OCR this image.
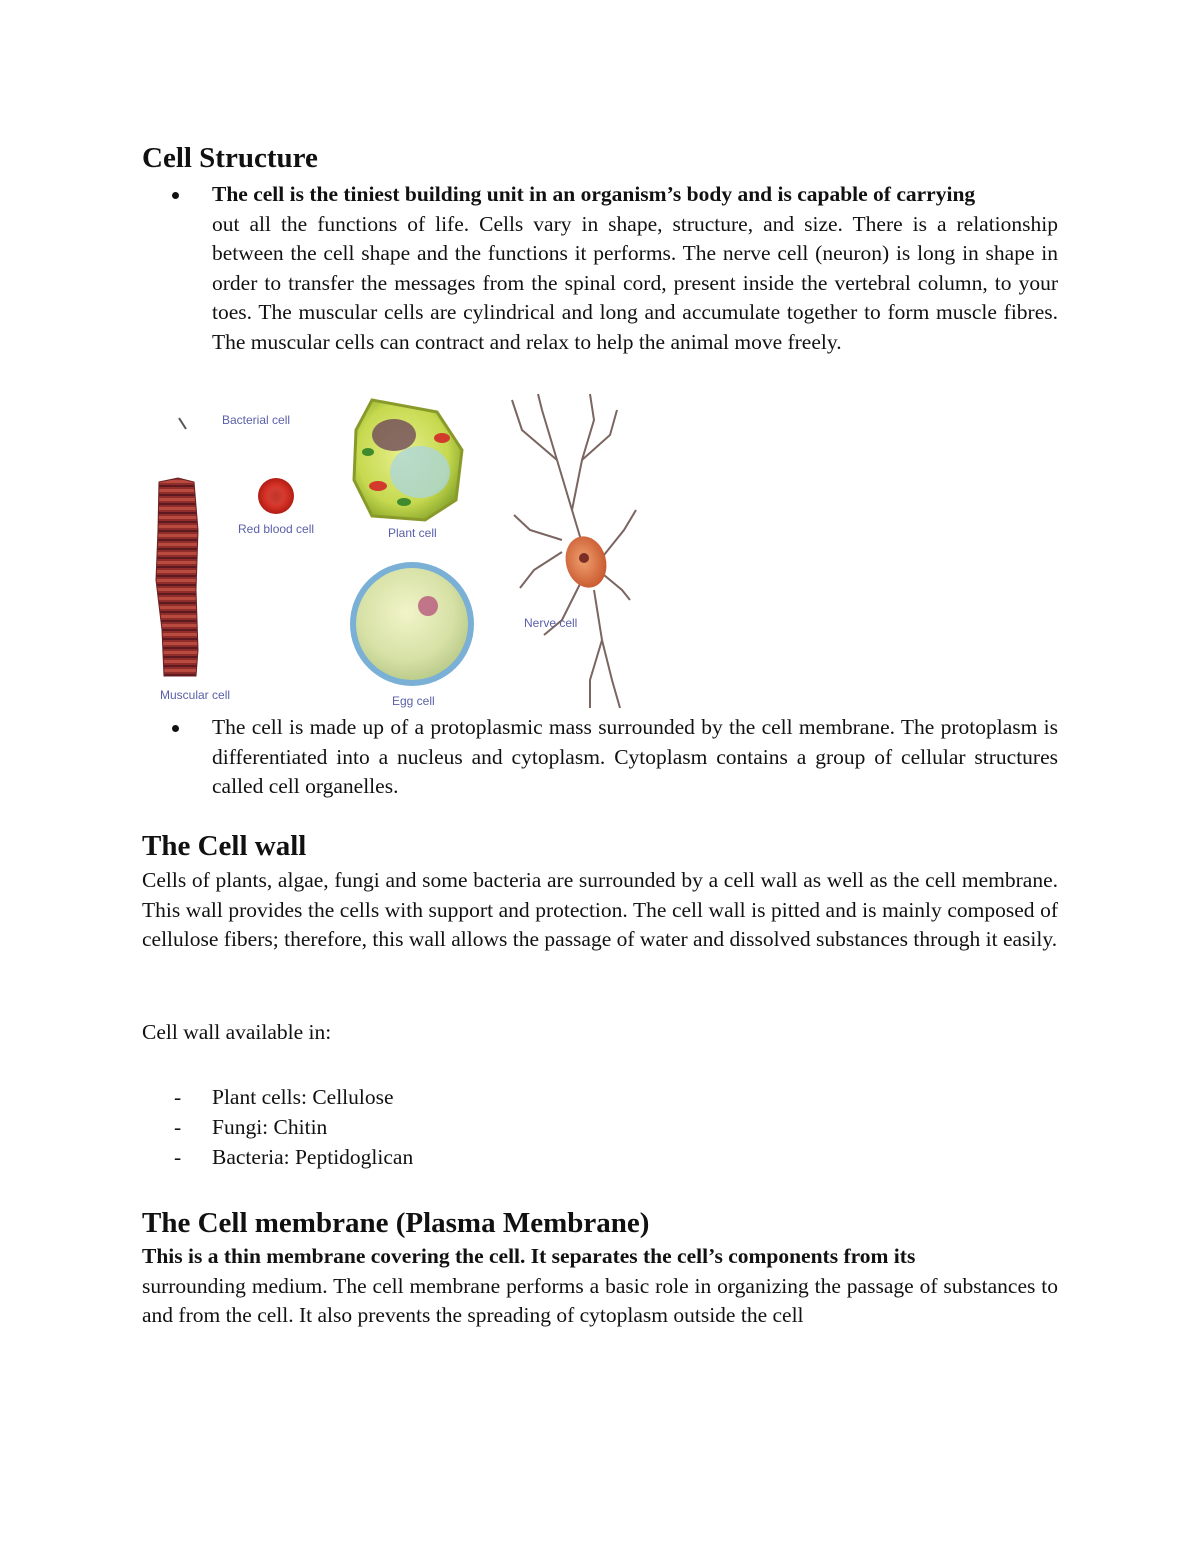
Cell Structure
The cell is the tiniest building unit in an organism’s body and is capable of carrying
out all the functions of life. Cells vary in shape, structure, and size. There is a relationship between the cell shape and the functions it performs. The nerve cell (neuron) is long in shape in order to transfer the messages from the spinal cord, present inside the vertebral column, to your toes. The muscular cells are cylindrical and long and accumulate together to form muscle fibres. The muscular cells can contract and relax to help the animal move freely.
Bacterial cell
Muscular cell
Red blood cell	Plant cell
Egg cell
Nerve cell
The cell is made up of a protoplasmic mass surrounded by the cell membrane. The protoplasm is differentiated into a nucleus and cytoplasm. Cytoplasm contains a group of cellular structures called cell organelles.
The Cell wall

Cells of plants, algae, fungi and some bacteria are surrounded by a cell wall as well as the cell membrane. This wall provides the cells with support and protection. The cell wall is pitted and is mainly composed of cellulose fibers; therefore, this wall allows the passage of water and dissolved substances through it easily.

Cell wall available in:

- Plant cells: Cellulose
- Fungi: Chitin
- Bacteria: Peptidoglican
The Cell membrane (Plasma Membrane)

This is a thin membrane covering the cell. It separates the cell’s components from its
surrounding medium. The cell membrane performs a basic role in organizing the passage of substances to and from the cell. It also prevents the spreading of cytoplasm outside the cell
